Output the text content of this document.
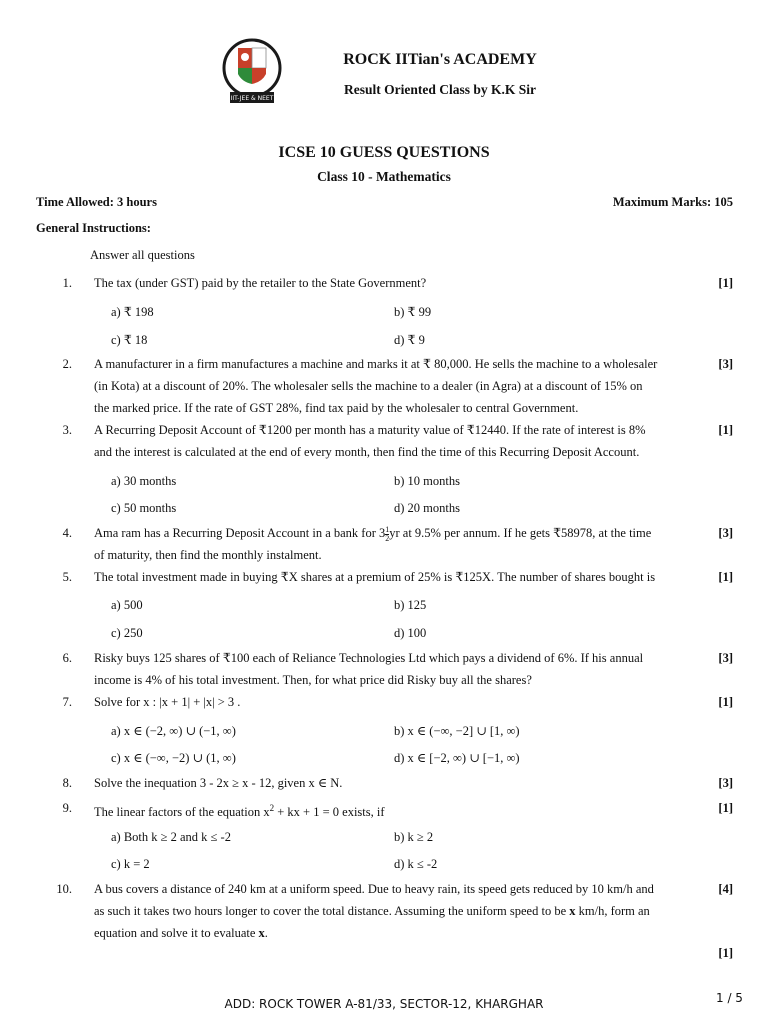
IIT-JEE & NEET
ROCK IITian's ACADEMY
Result Oriented Class by K.K Sir
ICSE 10 GUESS QUESTIONS
Class 10 - Mathematics
Time Allowed: 3 hours	Maximum Marks: 105
General Instructions:
Answer all questions
1. The tax (under GST) paid by the retailer to the State Government?	[1]
a) ₹ 198	b) ₹ 99
c) ₹ 18	d) ₹ 9
2. A manufacturer in a firm manufactures a machine and marks it at ₹ 80,000. He sells the machine to a wholesaler
(in Kota) at a discount of 20%. The wholesaler sells the machine to a dealer (in Agra) at a discount of 15% on
the marked price. If the rate of GST 28%, find tax paid by the wholesaler to central Government.
[3]
3. A Recurring Deposit Account of ₹1200 per month has a maturity value of ₹12440. If the rate of interest is 8%
and the interest is calculated at the end of every month, then find the time of this Recurring Deposit Account.
[1]
a) 30 months	b) 10 months
c) 50 months	d) 20 months
4. Ama ram has a Recurring Deposit Account in a bank for $3 \frac{1}{2}$ yr at 9.5% per annum. If he gets ₹58978, at the time
of maturity, then find the monthly instalment.
[3]
5. The total investment made in buying ₹X shares at a premium of 25% is ₹125X. The number of shares bought is	[1]
a) 500	b) 125
c) 250	d) 100
6. Risky buys 125 shares of ₹100 each of Reliance Technologies Ltd which pays a dividend of 6%. If his annual
income is 4% of his total investment. Then, for what price did Risky buy all the shares?
[3]
7. Solve for x : |x + 1| + |x| > 3 .	[1]
a) x ∈ (−2, ∞) ∪ (−1, ∞)	b) x ∈ (−∞, −2] ∪ [1, ∞)
c) x ∈ (−∞, −2) ∪ (1, ∞)	d) x ∈ [−2, ∞) ∪ [−1, ∞)
8. Solve the inequation 3 - 2x ≥ x - 12, given x ∈ N.	[3]
9. The linear factors of the equation $x^2$ + kx + 1 = 0 exists, if	[1]
a) Both k ≥ 2 and k ≤ -2	b) k ≥ 2
c) k = 2	d) k ≤ -2
10. A bus covers a distance of 240 km at a uniform speed. Due to heavy rain, its speed gets reduced by 10 km/h and
as such it takes two hours longer to cover the total distance. Assuming the uniform speed to be x km/h, form an
equation and solve it to evaluate x.
[4]
[1]
ADD: ROCK TOWER A-81/33, SECTOR-12, KHARGHAR	1 / 5
